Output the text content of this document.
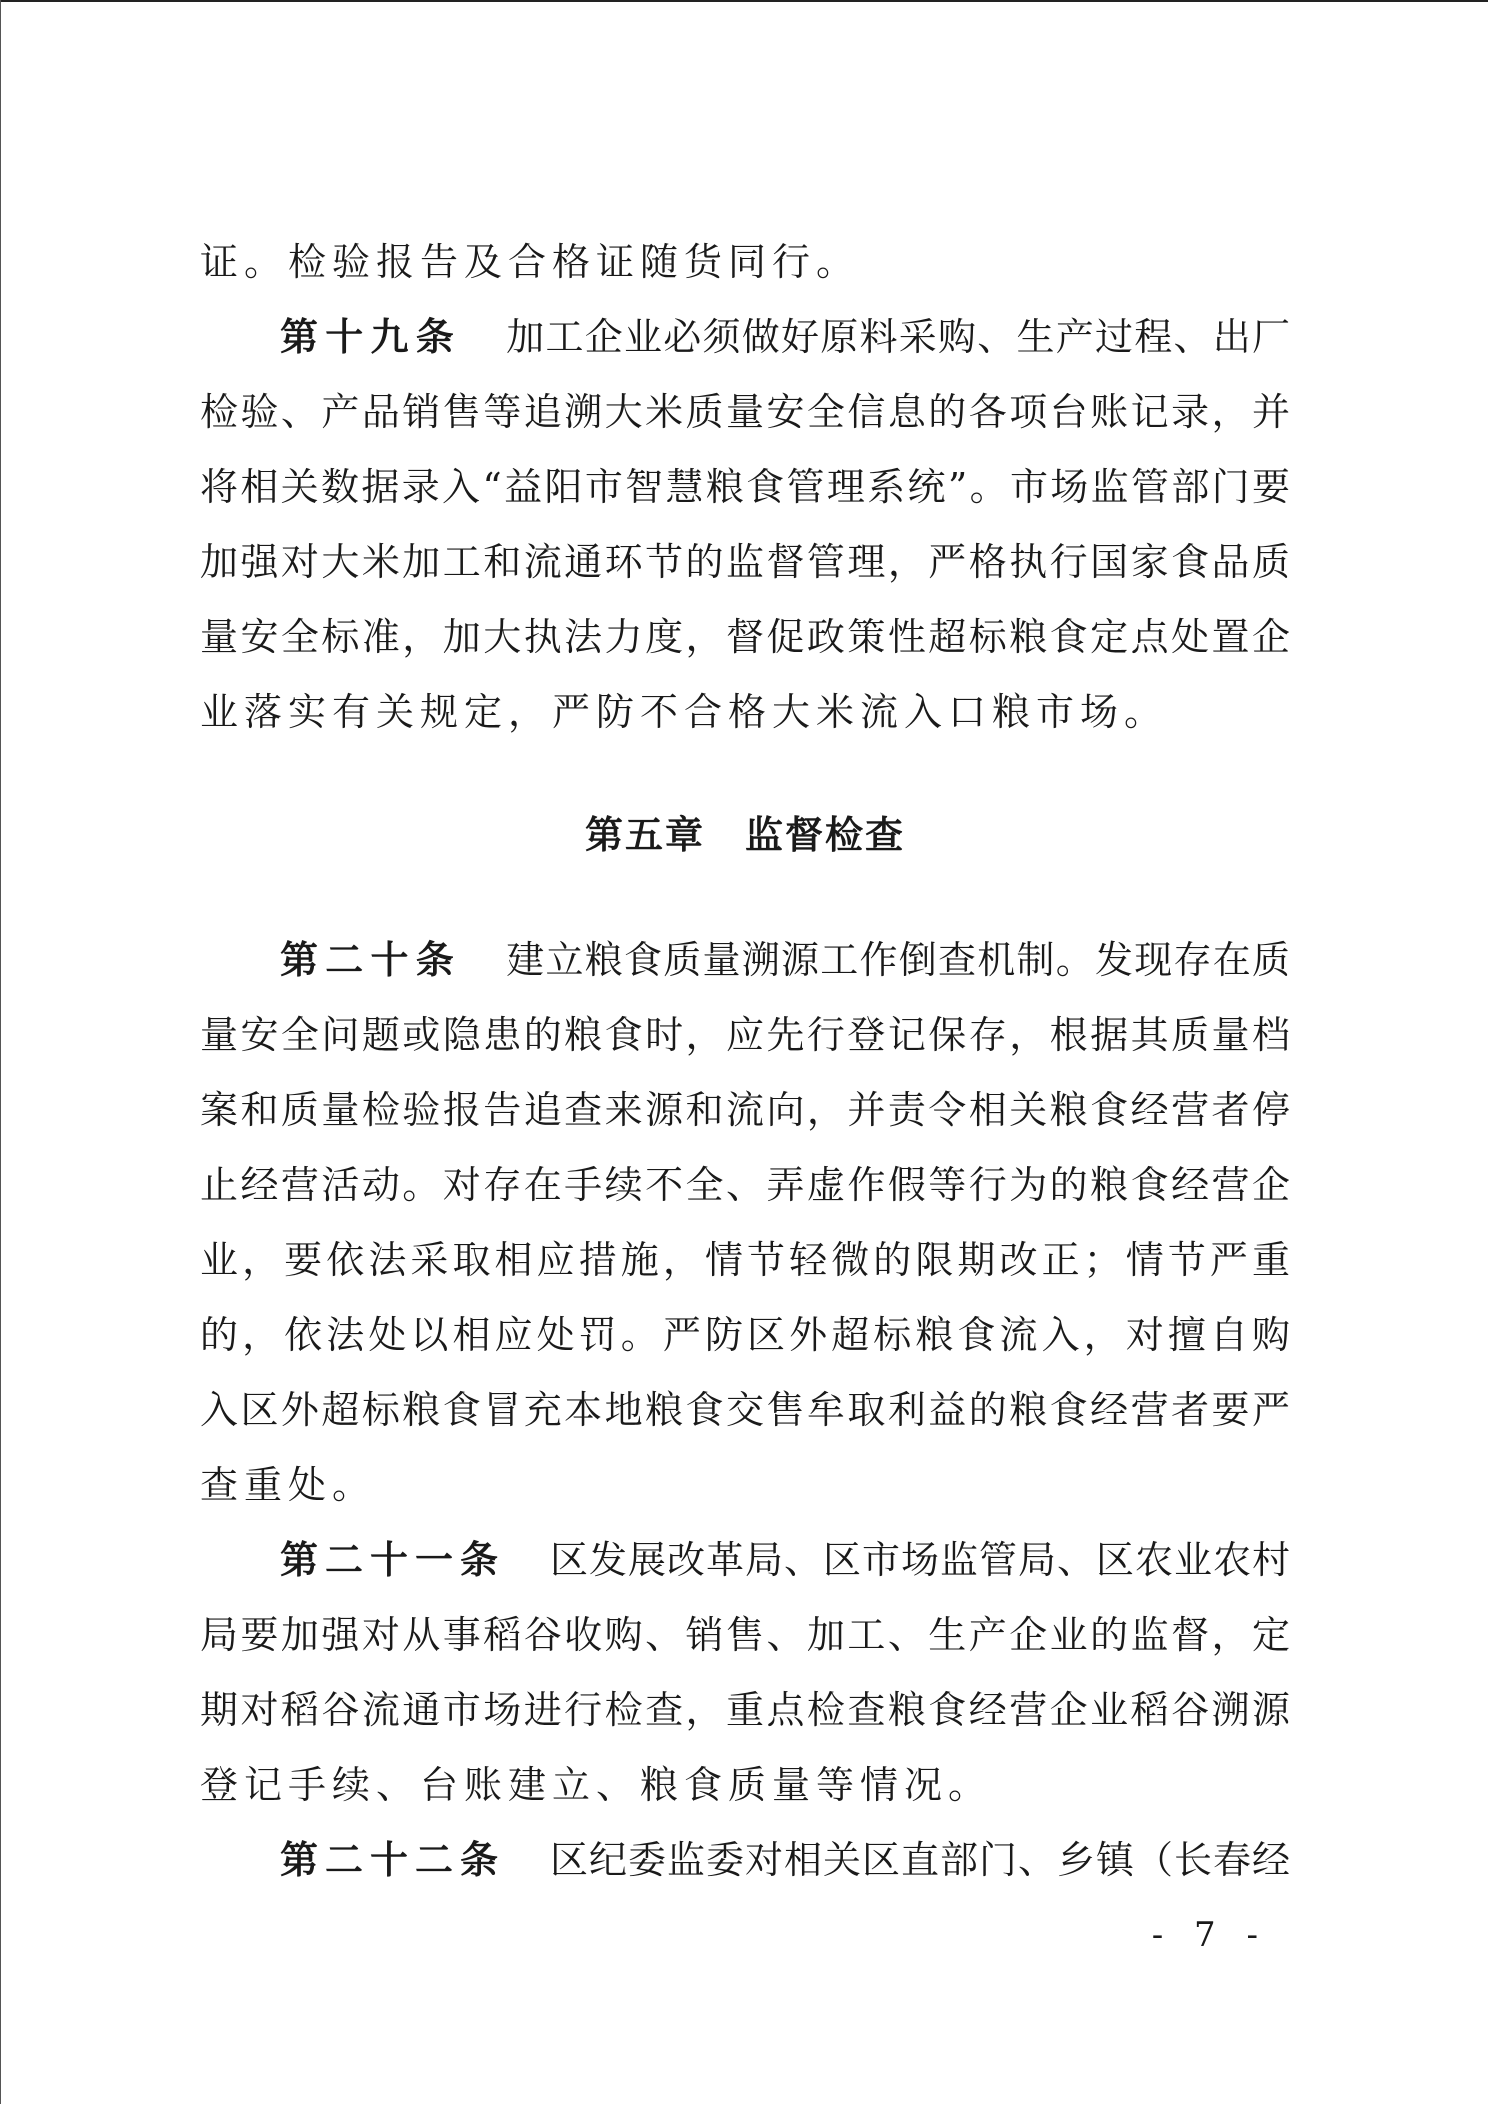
证。检验报告及合格证随货同行。
第十九条 加工企业必须做好原料采购、生产过程、出厂
检验、产品销售等追溯大米质量安全信息的各项台账记录，并
将相关数据录入“益阳市智慧粮食管理系统”。市场监管部门要
加强对大米加工和流通环节的监督管理，严格执行国家食品质
量安全标准，加大执法力度，督促政策性超标粮食定点处置企
业落实有关规定，严防不合格大米流入口粮市场。
第五章 监督检查
第二十条 建立粮食质量溯源工作倒查机制。发现存在质
量安全问题或隐患的粮食时，应先行登记保存，根据其质量档
案和质量检验报告追查来源和流向，并责令相关粮食经营者停
止经营活动。对存在手续不全、弄虚作假等行为的粮食经营企
业，要依法采取相应措施，情节轻微的限期改正；情节严重
的，依法处以相应处罚。严防区外超标粮食流入，对擅自购
入区外超标粮食冒充本地粮食交售牟取利益的粮食经营者要严
查重处。
第二十一条 区发展改革局、区市场监管局、区农业农村
局要加强对从事稻谷收购、销售、加工、生产企业的监督，定
期对稻谷流通市场进行检查，重点检查粮食经营企业稻谷溯源
登记手续、台账建立、粮食质量等情况。
第二十二条 区纪委监委对相关区直部门、乡镇（长春经
- 7 -
